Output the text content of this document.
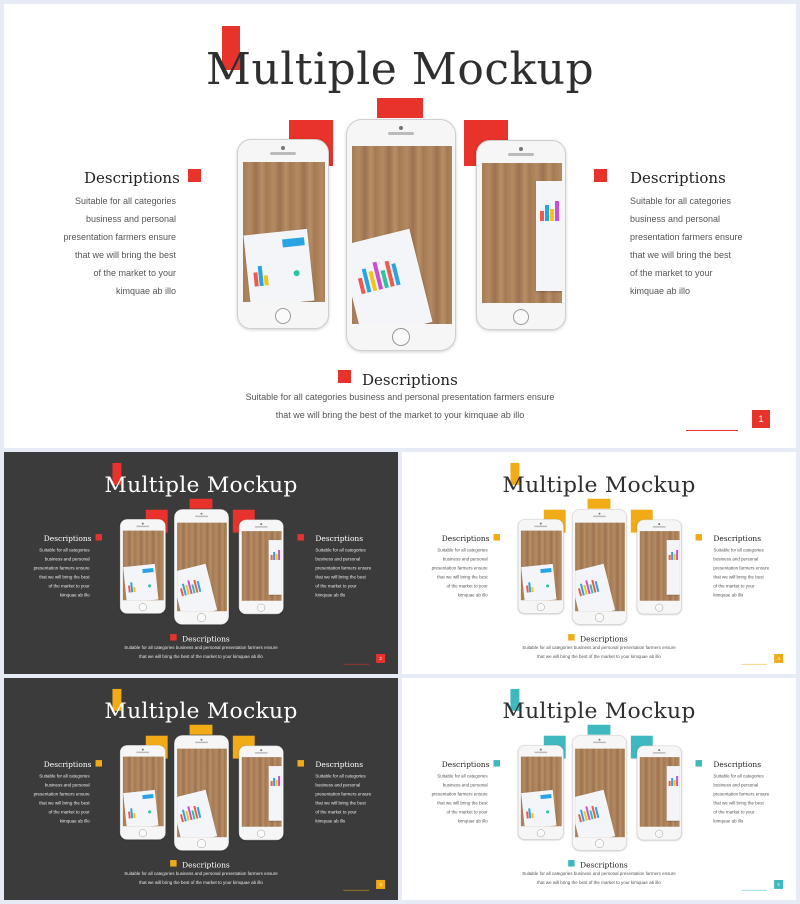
Multiple Mockup
Descriptions
Suitable for all categories
business and personal
presentation farmers ensure
that we will bring the best
of the market to your
kimquae ab illo
Descriptions
Suitable for all categories
business and personal
presentation farmers ensure
that we will bring the best
of the market to your
kimquae ab illo
Descriptions
Suitable for all categories business and personal presentation farmers ensure
that we will bring the best of the market to your kimquae ab illo	1
Multiple Mockup
Descriptions
Suitable for all categories
business and personal
presentation farmers ensure
that we will bring the best
of the market to your
kimquae ab illo
Descriptions
Suitable for all categories
business and personal
presentation farmers ensure
that we will bring the best
of the market to your
kimquae ab illo
Descriptions
Suitable for all categories business and personal presentation farmers ensure
that we will bring the best of the market to your kimquae ab illo	2
Multiple Mockup
Descriptions
Suitable for all categories
business and personal
presentation farmers ensure
that we will bring the best
of the market to your
kimquae ab illo
Descriptions
Suitable for all categories
business and personal
presentation farmers ensure
that we will bring the best
of the market to your
kimquae ab illo
Descriptions
Suitable for all categories business and personal presentation farmers ensure
that we will bring the best of the market to your kimquae ab illo	3
Multiple Mockup
Descriptions
Suitable for all categories
business and personal
presentation farmers ensure
that we will bring the best
of the market to your
kimquae ab illo
Descriptions
Suitable for all categories
business and personal
presentation farmers ensure
that we will bring the best
of the market to your
kimquae ab illo
Descriptions
Suitable for all categories business and personal presentation farmers ensure
that we will bring the best of the market to your kimquae ab illo	4
Multiple Mockup
Descriptions
Suitable for all categories
business and personal
presentation farmers ensure
that we will bring the best
of the market to your
kimquae ab illo
Descriptions
Suitable for all categories
business and personal
presentation farmers ensure
that we will bring the best
of the market to your
kimquae ab illo
Descriptions
Suitable for all categories business and personal presentation farmers ensure
that we will bring the best of the market to your kimquae ab illo	5
